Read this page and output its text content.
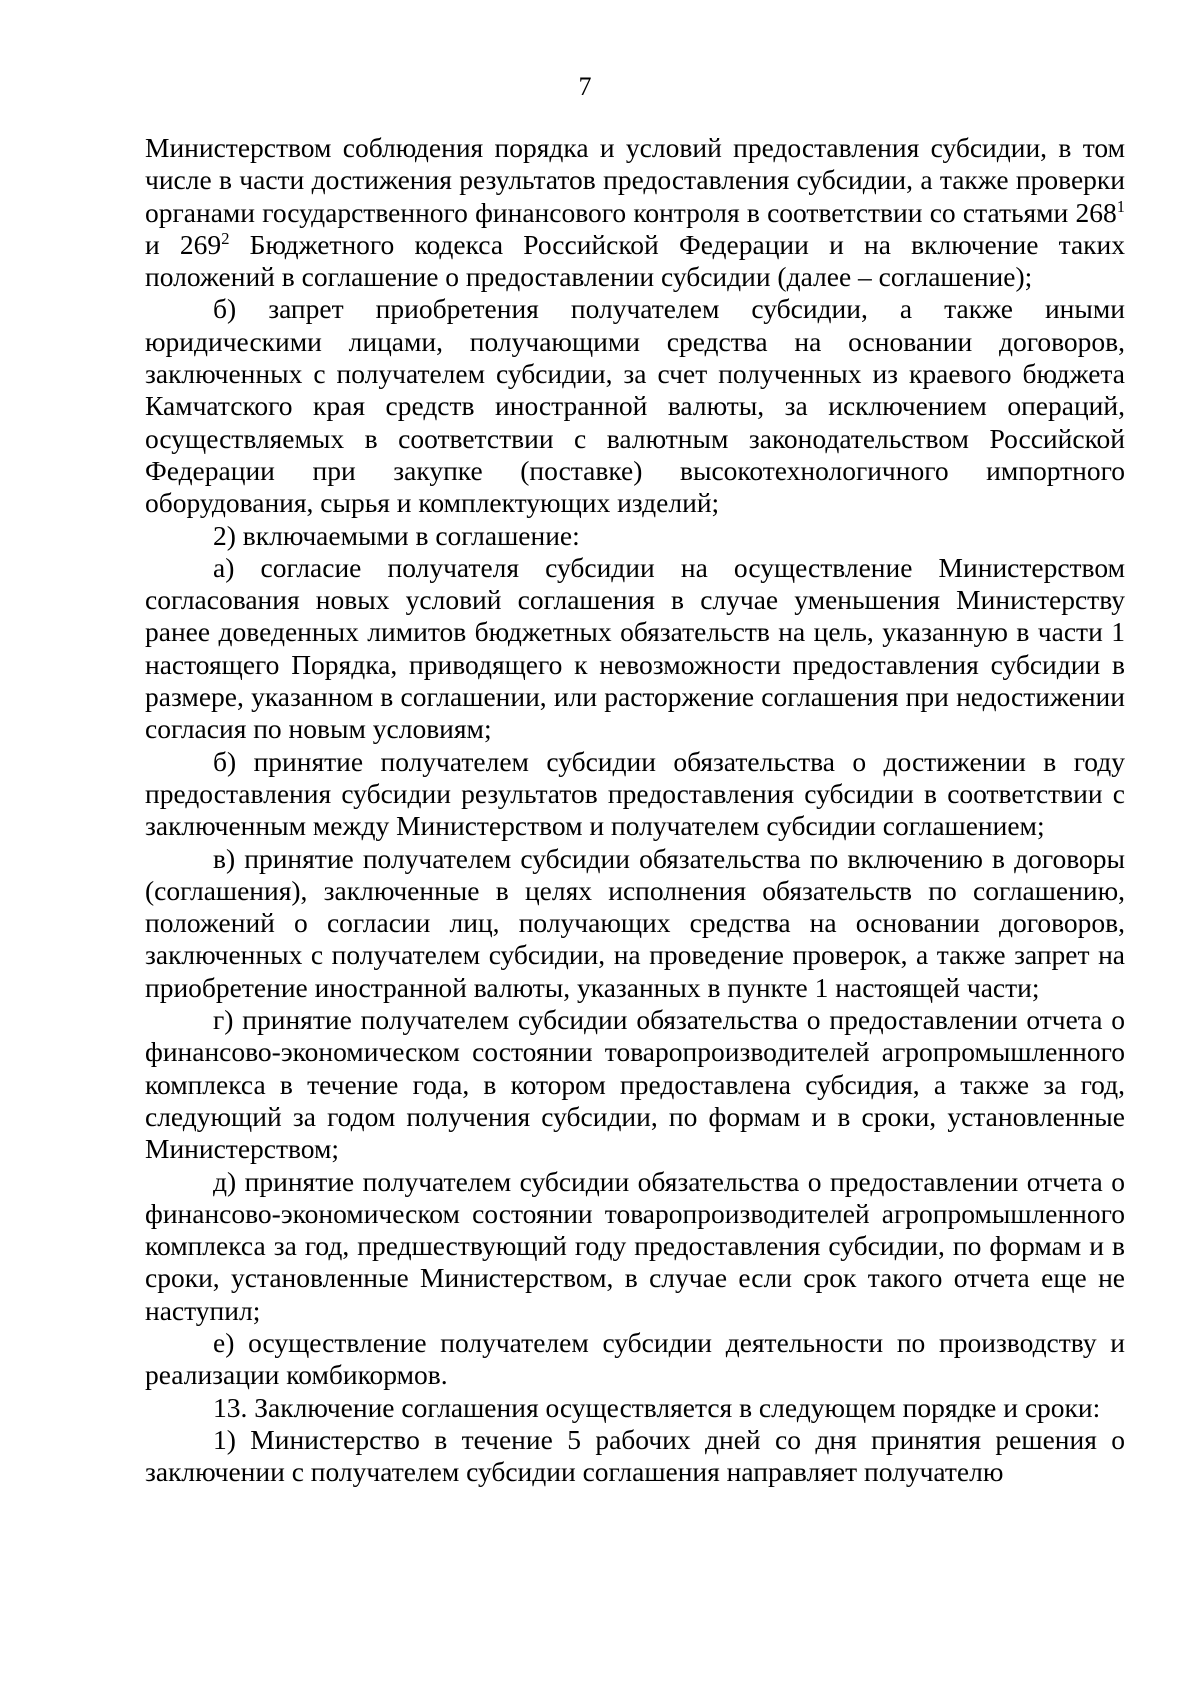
7

Министерством соблюдения порядка и условий предоставления субсидии, в том числе в части достижения результатов предоставления субсидии, а также проверки органами государственного финансового контроля в соответствии со статьями $268^1$ и $269^2$ Бюджетного кодекса Российской Федерации и на включение таких положений в соглашение о предоставлении субсидии (далее – соглашение);

б) запрет приобретения получателем субсидии, а также иными юридическими лицами, получающими средства на основании договоров, заключенных с получателем субсидии, за счет полученных из краевого бюджета Камчатского края средств иностранной валюты, за исключением операций, осуществляемых в соответствии с валютным законодательством Российской Федерации при закупке (поставке) высокотехнологичного импортного оборудования, сырья и комплектующих изделий;

2) включаемыми в соглашение:

а) согласие получателя субсидии на осуществление Министерством согласования новых условий соглашения в случае уменьшения Министерству ранее доведенных лимитов бюджетных обязательств на цель, указанную в части 1 настоящего Порядка, приводящего к невозможности предоставления субсидии в размере, указанном в соглашении, или расторжение соглашения при недостижении согласия по новым условиям;

б) принятие получателем субсидии обязательства о достижении в году предоставления субсидии результатов предоставления субсидии в соответствии с заключенным между Министерством и получателем субсидии соглашением;

в) принятие получателем субсидии обязательства по включению в договоры (соглашения), заключенные в целях исполнения обязательств по соглашению, положений о согласии лиц, получающих средства на основании договоров, заключенных с получателем субсидии, на проведение проверок, а также запрет на приобретение иностранной валюты, указанных в пункте 1 настоящей части;

г) принятие получателем субсидии обязательства о предоставлении отчета о финансово-экономическом состоянии товаропроизводителей агропромышленного комплекса в течение года, в котором предоставлена субсидия, а также за год, следующий за годом получения субсидии, по формам и в сроки, установленные Министерством;

д) принятие получателем субсидии обязательства о предоставлении отчета о финансово-экономическом состоянии товаропроизводителей агропромышленного комплекса за год, предшествующий году предоставления субсидии, по формам и в сроки, установленные Министерством, в случае если срок такого отчета еще не наступил;

е) осуществление получателем субсидии деятельности по производству и реализации комбикормов.

13. Заключение соглашения осуществляется в следующем порядке и сроки:

1) Министерство в течение 5 рабочих дней со дня принятия решения о заключении с получателем субсидии соглашения направляет получателю
